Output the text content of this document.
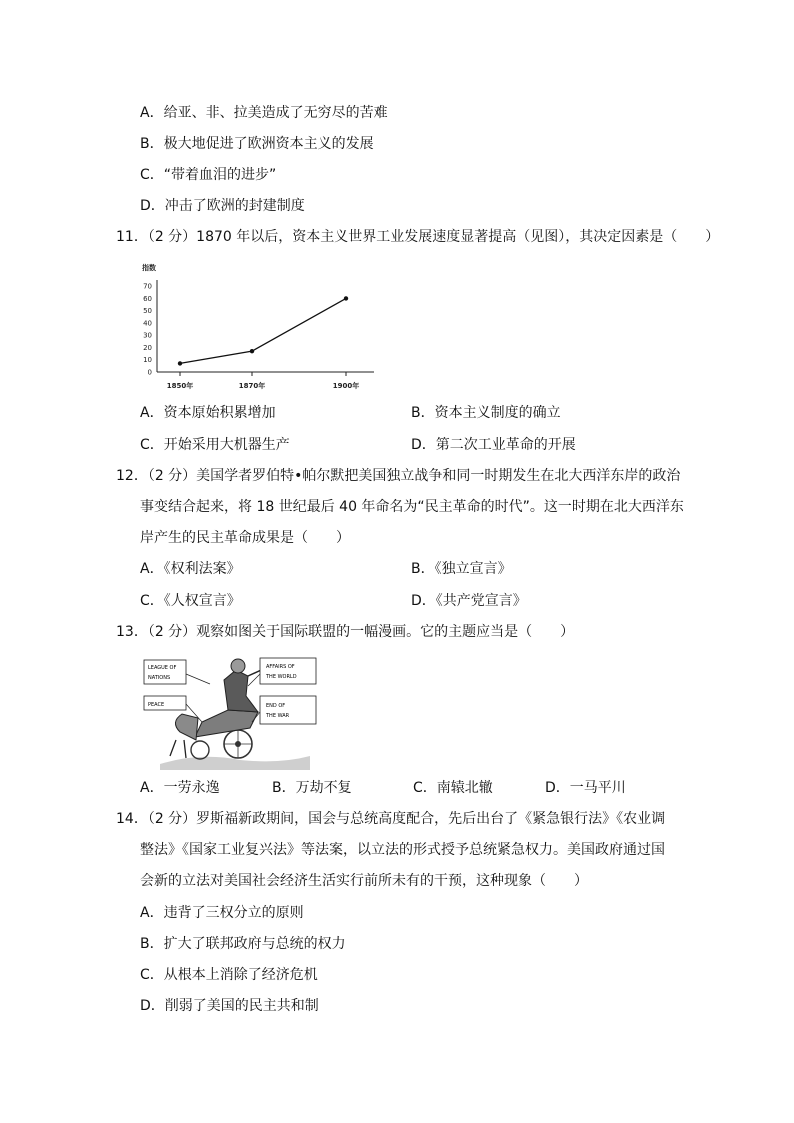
A．给亚、非、拉美造成了无穷尽的苦难
B．极大地促进了欧洲资本主义的发展
C．“带着血泪的进步”
D．冲击了欧洲的封建制度
11．（2 分）1870 年以后，资本主义世界工业发展速度显著提高（见图），其决定因素是（　　）
指数
70
60
50
40
30
20
10
0
1850年	1870年	1900年
A．资本原始积累增加	B．资本主义制度的确立
C．开始采用大机器生产	D．第二次工业革命的开展
12．（2 分）美国学者罗伯特•帕尔默把美国独立战争和同一时期发生在北大西洋东岸的政治
事变结合起来，将 18 世纪最后 40 年命名为“民主革命的时代”。这一时期在北大西洋东
岸产生的民主革命成果是（　　）
A．《权利法案》	B．《独立宣言》
C．《人权宣言》	D．《共产党宣言》
13．（2 分）观察如图关于国际联盟的一幅漫画。它的主题应当是（　　）
LEAGUE OF
NATIONS
PEACE
AFFAIRS OF
THE WORLD
END OF
THE WAR
A．一劳永逸	B．万劫不复	C．南辕北辙	D．一马平川
14．（2 分）罗斯福新政期间，国会与总统高度配合，先后出台了《紧急银行法》《农业调
整法》《国家工业复兴法》等法案，以立法的形式授予总统紧急权力。美国政府通过国
会新的立法对美国社会经济生活实行前所未有的干预，这种现象（　　）
A．违背了三权分立的原则
B．扩大了联邦政府与总统的权力
C．从根本上消除了经济危机
D．削弱了美国的民主共和制
